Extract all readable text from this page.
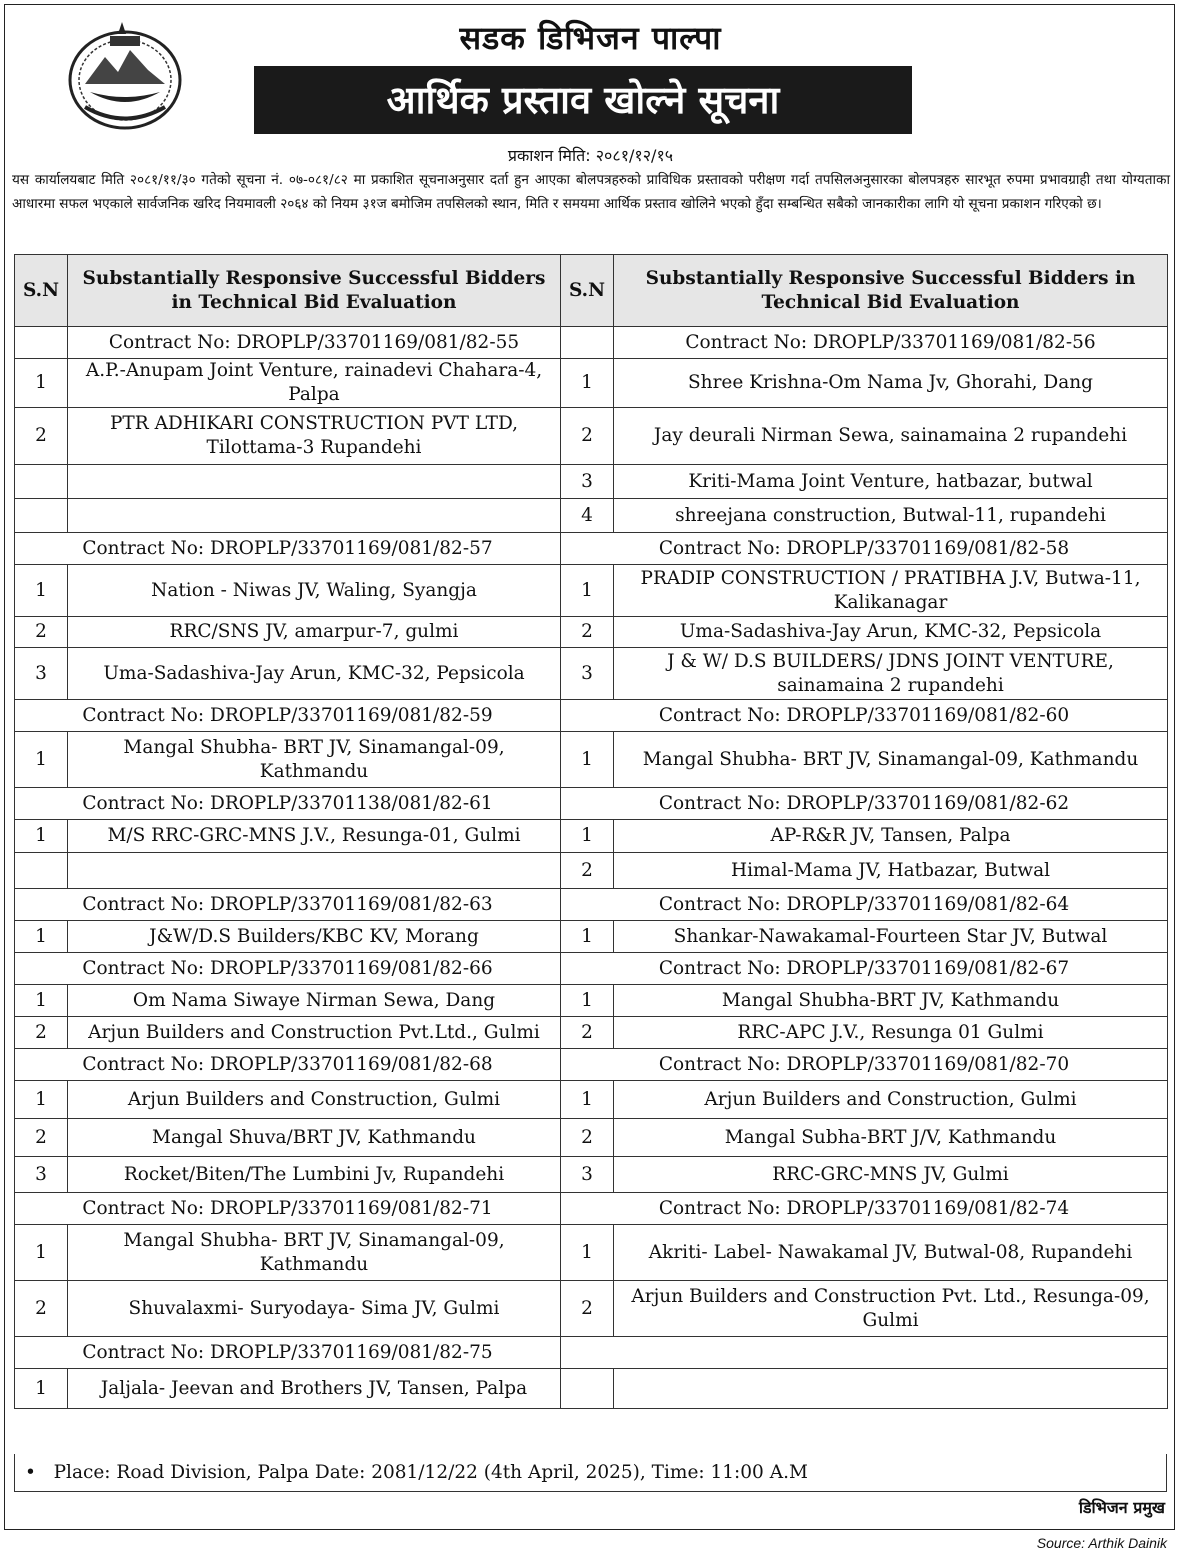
सडक डिभिजन पाल्पा
आर्थिक प्रस्ताव खोल्ने सूचना
प्रकाशन मिति: २०८१/१२/१५
यस कार्यालयबाट मिति २०८१/११/३० गतेको सूचना नं. ०७-०८१/८२ मा प्रकाशित सूचनाअनुसार दर्ता हुन आएका बोलपत्रहरुको प्राविधिक प्रस्तावको परीक्षण गर्दा तपसिलअनुसारका बोलपत्रहरु सारभूत रुपमा प्रभावग्राही तथा योग्यताका आधारमा सफल भएकाले सार्वजनिक खरिद नियमावली २०६४ को नियम ३१ज बमोजिम तपसिलको स्थान, मिति र समयमा आर्थिक प्रस्ताव खोलिने भएको हुँदा सम्बन्धित सबैको जानकारीका लागि यो सूचना प्रकाशन गरिएको छ।
S.N	Substantially Responsive Successful Bidders in Technical Bid Evaluation	S.N	Substantially Responsive Successful Bidders in Technical Bid Evaluation
	Contract No: DROPLP/33701169/081/82-55		Contract No: DROPLP/33701169/081/82-56
1	A.P.-Anupam Joint Venture, rainadevi Chahara-4, Palpa	1	Shree Krishna-Om Nama Jv, Ghorahi, Dang
2	PTR ADHIKARI CONSTRUCTION PVT LTD, Tilottama-3 Rupandehi	2	Jay deurali Nirman Sewa, sainamaina 2 rupandehi
		3	Kriti-Mama Joint Venture, hatbazar, butwal
		4	shreejana construction, Butwal-11, rupandehi
Contract No: DROPLP/33701169/081/82-57		Contract No: DROPLP/33701169/081/82-58	
1	Nation - Niwas JV, Waling, Syangja	1	PRADIP CONSTRUCTION / PRATIBHA J.V, Butwa-11, Kalikanagar
2	RRC/SNS JV, amarpur-7, gulmi	2	Uma-Sadashiva-Jay Arun, KMC-32, Pepsicola
3	Uma-Sadashiva-Jay Arun, KMC-32, Pepsicola	3	J & W/ D.S BUILDERS/ JDNS JOINT VENTURE, sainamaina 2 rupandehi
Contract No: DROPLP/33701169/081/82-59		Contract No: DROPLP/33701169/081/82-60	
1	Mangal Shubha- BRT JV, Sinamangal-09, Kathmandu	1	Mangal Shubha- BRT JV, Sinamangal-09, Kathmandu
Contract No: DROPLP/33701138/081/82-61		Contract No: DROPLP/33701169/081/82-62	
1	M/S RRC-GRC-MNS J.V., Resunga-01, Gulmi	1	AP-R&R JV, Tansen, Palpa
		2	Himal-Mama JV, Hatbazar, Butwal
Contract No: DROPLP/33701169/081/82-63		Contract No: DROPLP/33701169/081/82-64	
1	J&W/D.S Builders/KBC KV, Morang	1	Shankar-Nawakamal-Fourteen Star JV, Butwal
Contract No: DROPLP/33701169/081/82-66		Contract No: DROPLP/33701169/081/82-67	
1	Om Nama Siwaye Nirman Sewa, Dang	1	Mangal Shubha-BRT JV, Kathmandu
2	Arjun Builders and Construction Pvt.Ltd., Gulmi	2	RRC-APC J.V., Resunga 01 Gulmi
Contract No: DROPLP/33701169/081/82-68		Contract No: DROPLP/33701169/081/82-70	
1	Arjun Builders and Construction, Gulmi	1	Arjun Builders and Construction, Gulmi
2	Mangal Shuva/BRT JV, Kathmandu	2	Mangal Subha-BRT J/V, Kathmandu
3	Rocket/Biten/The Lumbini Jv, Rupandehi	3	RRC-GRC-MNS JV, Gulmi
Contract No: DROPLP/33701169/081/82-71		Contract No: DROPLP/33701169/081/82-74	
1	Mangal Shubha- BRT JV, Sinamangal-09, Kathmandu	1	Akriti- Label- Nawakamal JV, Butwal-08, Rupandehi
2	Shuvalaxmi- Suryodaya- Sima JV, Gulmi	2	Arjun Builders and Construction Pvt. Ltd., Resunga-09, Gulmi
Contract No: DROPLP/33701169/081/82-75			
1	Jaljala- Jeevan and Brothers JV, Tansen, Palpa		
• Place: Road Division, Palpa Date: 2081/12/22 (4th April, 2025), Time: 11:00 A.M
डिभिजन प्रमुख
Source: Arthik Dainik
